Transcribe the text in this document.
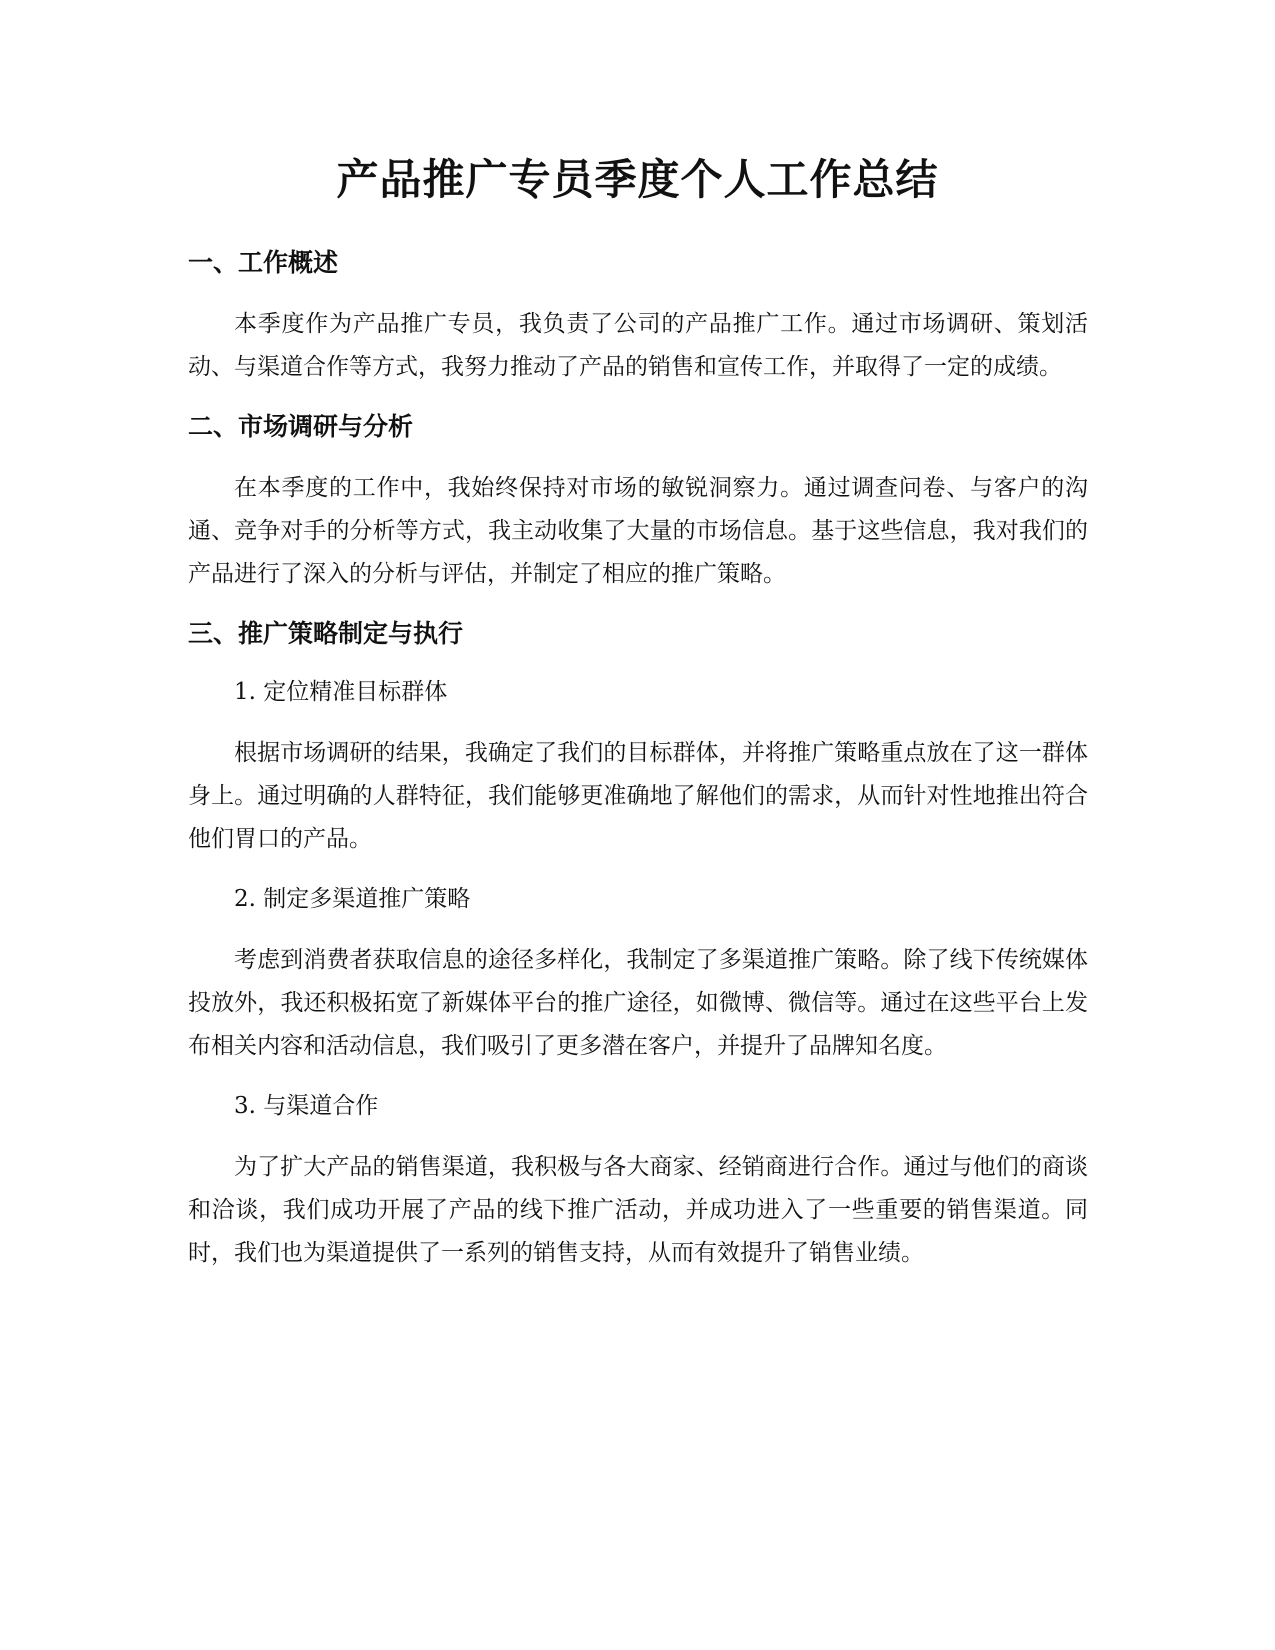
产品推广专员季度个人工作总结
一、工作概述

本季度作为产品推广专员，我负责了公司的产品推广工作。通过市场调研、策划活动、与渠道合作等方式，我努力推动了产品的销售和宣传工作，并取得了一定的成绩。

二、市场调研与分析

在本季度的工作中，我始终保持对市场的敏锐洞察力。通过调查问卷、与客户的沟通、竞争对手的分析等方式，我主动收集了大量的市场信息。基于这些信息，我对我们的产品进行了深入的分析与评估，并制定了相应的推广策略。

三、推广策略制定与执行
1. 定位精准目标群体

根据市场调研的结果，我确定了我们的目标群体，并将推广策略重点放在了这一群体身上。通过明确的人群特征，我们能够更准确地了解他们的需求，从而针对性地推出符合他们胃口的产品。

2. 制定多渠道推广策略

考虑到消费者获取信息的途径多样化，我制定了多渠道推广策略。除了线下传统媒体投放外，我还积极拓宽了新媒体平台的推广途径，如微博、微信等。通过在这些平台上发布相关内容和活动信息，我们吸引了更多潜在客户，并提升了品牌知名度。

3. 与渠道合作

为了扩大产品的销售渠道，我积极与各大商家、经销商进行合作。通过与他们的商谈和洽谈，我们成功开展了产品的线下推广活动，并成功进入了一些重要的销售渠道。同时，我们也为渠道提供了一系列的销售支持，从而有效提升了销售业绩。
